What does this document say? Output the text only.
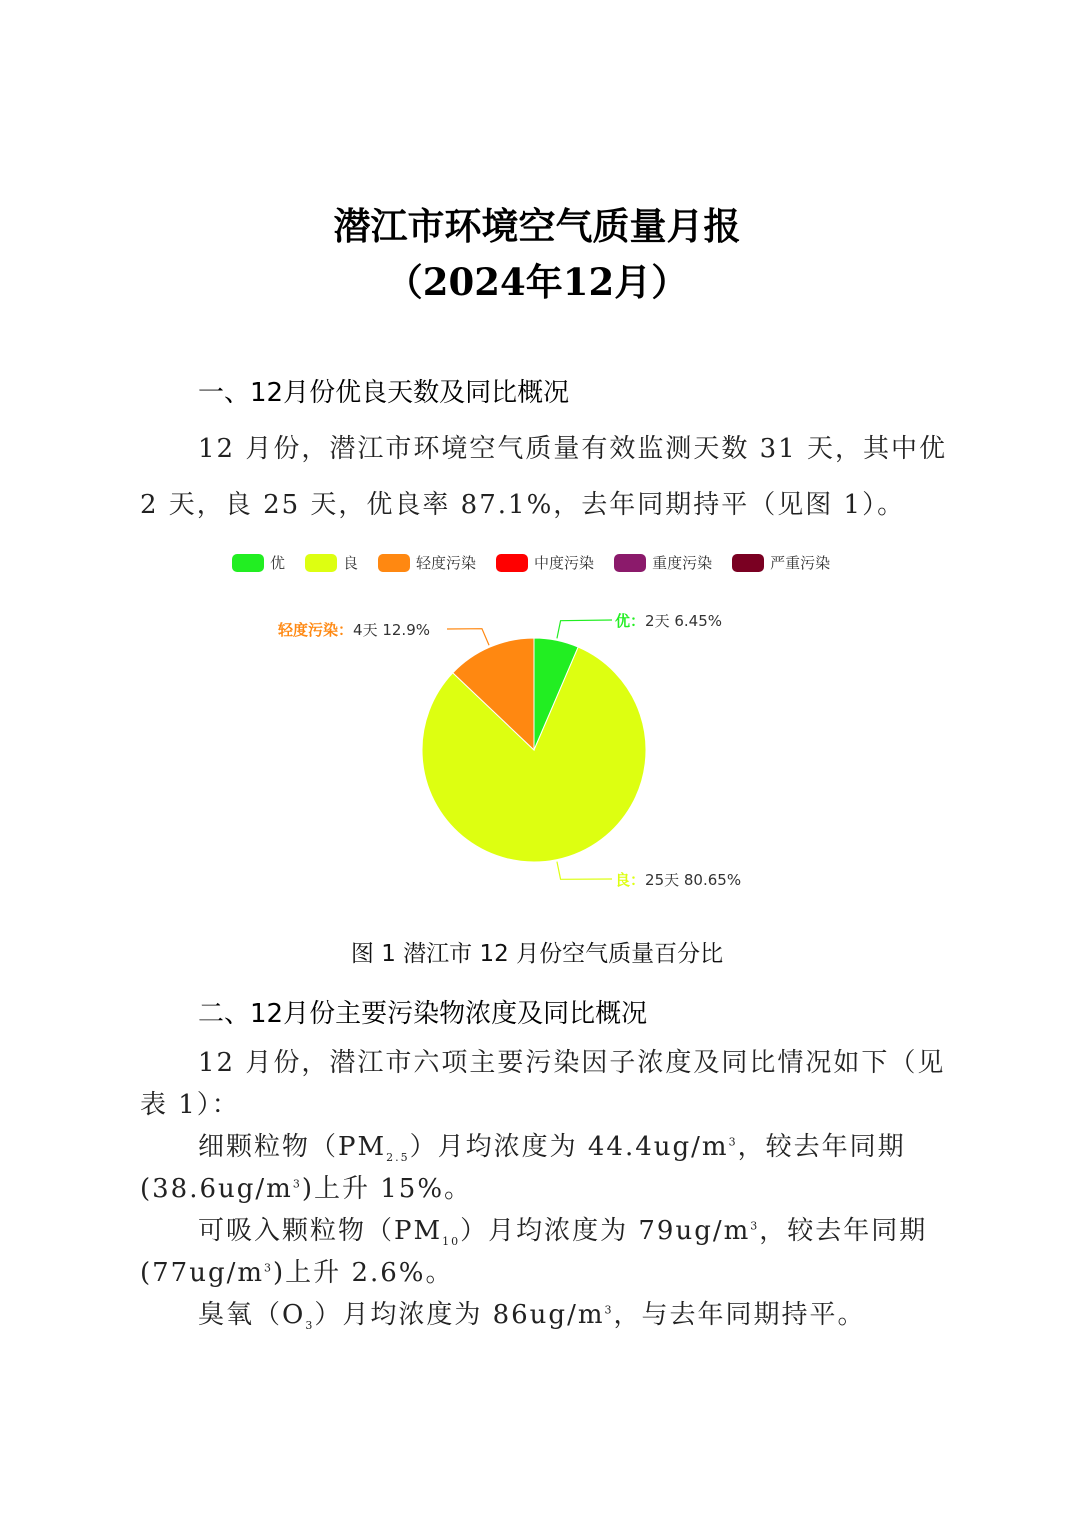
潜江市环境空气质量月报
（2024年12月）
一、12月份优良天数及同比概况
12 月份，潜江市环境空气质量有效监测天数 31 天，其中优
2 天，良 25 天，优良率 87.1%，去年同期持平（见图 1）。
优	良	轻度污染	中度污染	重度污染	严重污染
优：2天 6.45%
良：25天 80.65%
轻度污染：4天 12.9%
图 1 潜江市 12 月份空气质量百分比
二、12月份主要污染物浓度及同比概况
12 月份，潜江市六项主要污染因子浓度及同比情况如下（见
表 1）：
细颗粒物$(PM_{2.5})$月均浓度为 $44.4ug/m^3$，较去年同期
$(38.6ug/m^3)$上升 15%。
可吸入颗粒物$(PM_{10})$月均浓度为 $79ug/m^3$，较去年同期
$(77ug/m^3)$上升 2.6%。
臭氧$(O_3)$月均浓度为 $86ug/m^3$，与去年同期持平。
